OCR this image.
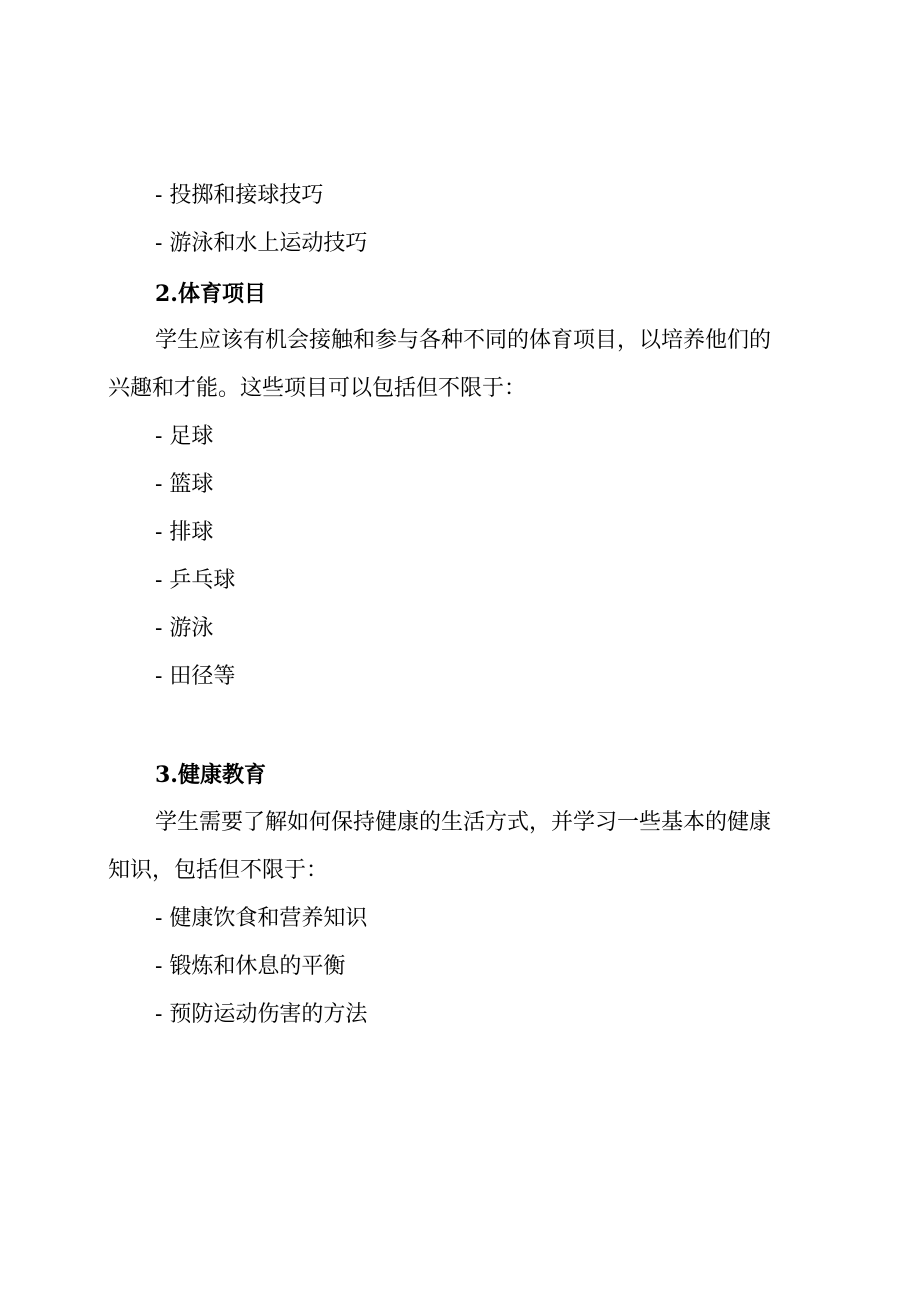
- 投掷和接球技巧
- 游泳和水上运动技巧
2.体育项目
学生应该有机会接触和参与各种不同的体育项目，以培养他们的
兴趣和才能。这些项目可以包括但不限于：
- 足球
- 篮球
- 排球
- 乒乓球
- 游泳
- 田径等
3.健康教育
学生需要了解如何保持健康的生活方式，并学习一些基本的健康
知识，包括但不限于：
- 健康饮食和营养知识
- 锻炼和休息的平衡
- 预防运动伤害的方法
